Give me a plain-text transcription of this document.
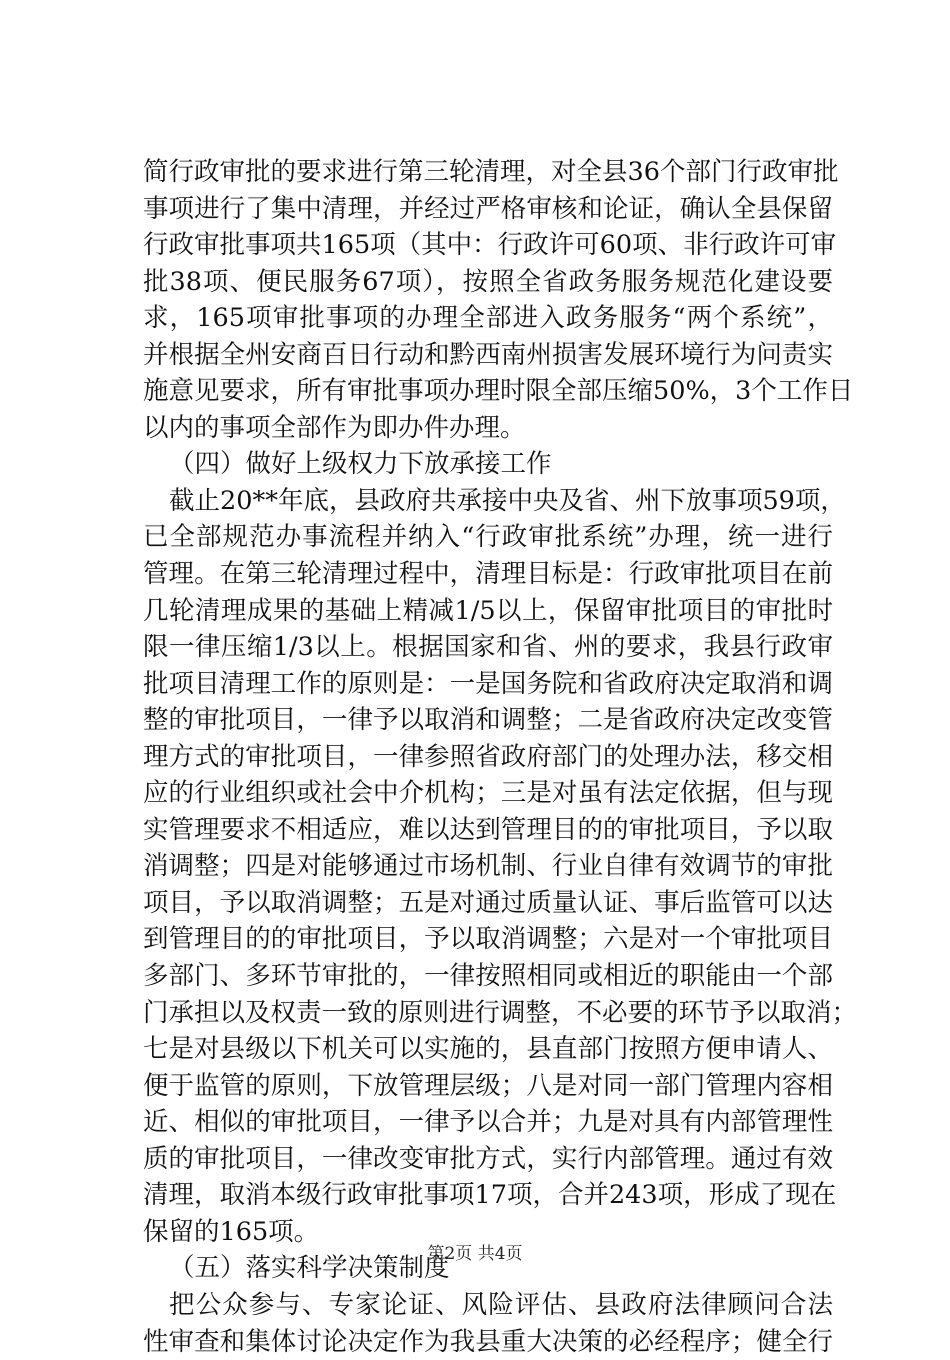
简行政审批的要求进行第三轮清理，对全县36个部门行政审批
事项进行了集中清理，并经过严格审核和论证，确认全县保留
行政审批事项共165项（其中：行政许可60项、非行政许可审
批38项、便民服务67项），按照全省政务服务规范化建设要
求，165项审批事项的办理全部进入政务服务“两个系统”，
并根据全州安商百日行动和黔西南州损害发展环境行为问责实
施意见要求，所有审批事项办理时限全部压缩50%，3个工作日
以内的事项全部作为即办件办理。
（四）做好上级权力下放承接工作
截止20**年底，县政府共承接中央及省、州下放事项59项，
已全部规范办事流程并纳入“行政审批系统”办理，统一进行
管理。在第三轮清理过程中，清理目标是：行政审批项目在前
几轮清理成果的基础上精减1/5以上，保留审批项目的审批时
限一律压缩1/3以上。根据国家和省、州的要求，我县行政审
批项目清理工作的原则是：一是国务院和省政府决定取消和调
整的审批项目，一律予以取消和调整；二是省政府决定改变管
理方式的审批项目，一律参照省政府部门的处理办法，移交相
应的行业组织或社会中介机构；三是对虽有法定依据，但与现
实管理要求不相适应，难以达到管理目的的审批项目，予以取
消调整；四是对能够通过市场机制、行业自律有效调节的审批
项目，予以取消调整；五是对通过质量认证、事后监管可以达
到管理目的的审批项目，予以取消调整；六是对一个审批项目
多部门、多环节审批的，一律按照相同或相近的职能由一个部
门承担以及权责一致的原则进行调整，不必要的环节予以取消；
七是对县级以下机关可以实施的，县直部门按照方便申请人、
便于监管的原则，下放管理层级；八是对同一部门管理内容相
近、相似的审批项目，一律予以合并；九是对具有内部管理性
质的审批项目，一律改变审批方式，实行内部管理。通过有效
清理，取消本级行政审批事项17项，合并243项，形成了现在
保留的165项。
（五）落实科学决策制度
把公众参与、专家论证、风险评估、县政府法律顾问合法
性审查和集体讨论决定作为我县重大决策的必经程序；健全行
第2页 共4页
